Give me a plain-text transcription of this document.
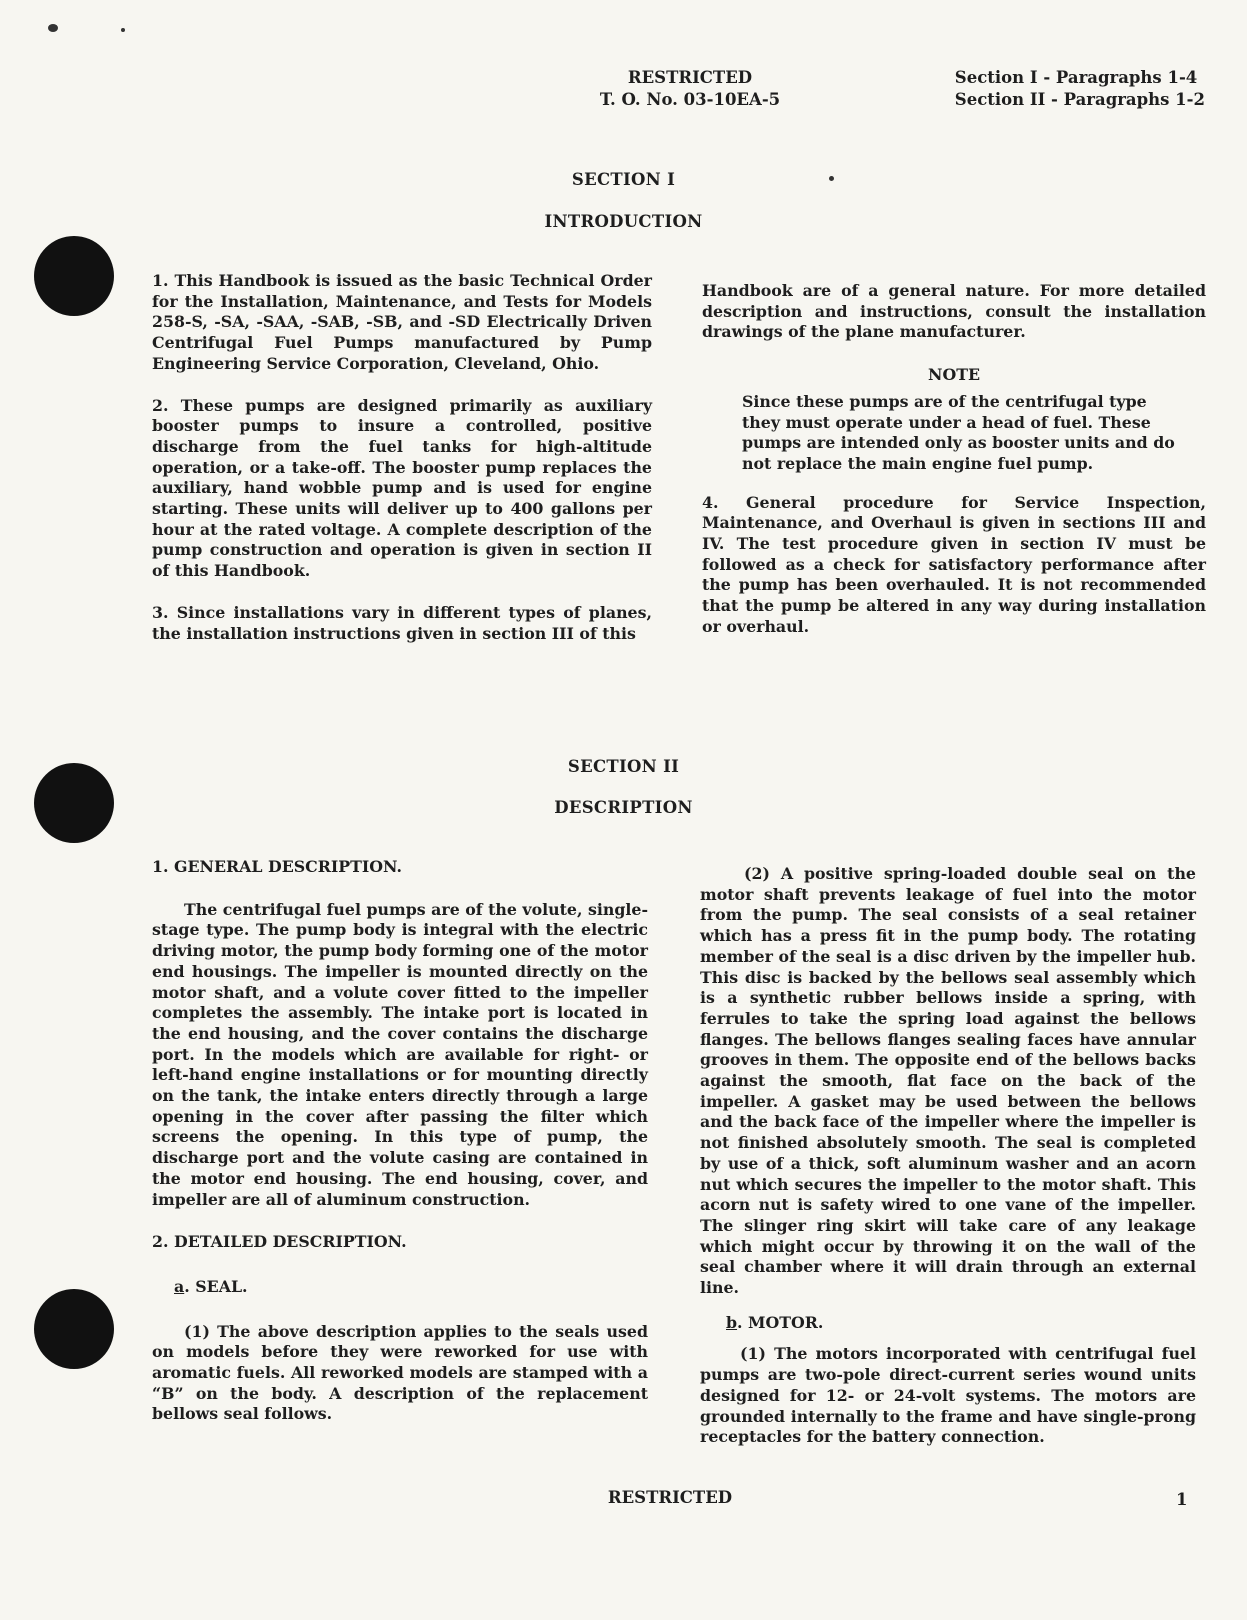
RESTRICTED
T. O. No. 03-10EA-5
Section I - Paragraphs 1-4
Section II - Paragraphs 1-2
SECTION I
INTRODUCTION

1. This Handbook is issued as the basic Technical Order for the Installation, Maintenance, and Tests for Models 258-S, -SA, -SAA, -SAB, -SB, and -SD Electrically Driven Centrifugal Fuel Pumps manufactured by Pump Engineering Service Corporation, Cleveland, Ohio.

2. These pumps are designed primarily as auxiliary booster pumps to insure a controlled, positive discharge from the fuel tanks for high-altitude operation, or a take-off. The booster pump replaces the auxiliary, hand wobble pump and is used for engine starting. These units will deliver up to 400 gallons per hour at the rated voltage. A complete description of the pump construction and operation is given in section II of this Handbook.

3. Since installations vary in different types of planes, the installation instructions given in section III of this

Handbook are of a general nature. For more detailed description and instructions, consult the installation drawings of the plane manufacturer.

NOTE

Since these pumps are of the centrifugal type they must operate under a head of fuel. These pumps are intended only as booster units and do not replace the main engine fuel pump.

4. General procedure for Service Inspection, Maintenance, and Overhaul is given in sections III and IV. The test procedure given in section IV must be followed as a check for satisfactory performance after the pump has been overhauled. It is not recommended that the pump be altered in any way during installation or overhaul.

SECTION II
DESCRIPTION

1. GENERAL DESCRIPTION.

The centrifugal fuel pumps are of the volute, single-stage type. The pump body is integral with the electric driving motor, the pump body forming one of the motor end housings. The impeller is mounted directly on the motor shaft, and a volute cover fitted to the impeller completes the assembly. The intake port is located in the end housing, and the cover contains the discharge port. In the models which are available for right- or left-hand engine installations or for mounting directly on the tank, the intake enters directly through a large opening in the cover after passing the filter which screens the opening. In this type of pump, the discharge port and the volute casing are contained in the motor end housing. The end housing, cover, and impeller are all of aluminum construction.

2. DETAILED DESCRIPTION.

a. SEAL.

(1) The above description applies to the seals used on models before they were reworked for use with aromatic fuels. All reworked models are stamped with a “B” on the body. A description of the replacement bellows seal follows.

(2) A positive spring-loaded double seal on the motor shaft prevents leakage of fuel into the motor from the pump. The seal consists of a seal retainer which has a press fit in the pump body. The rotating member of the seal is a disc driven by the impeller hub. This disc is backed by the bellows seal assembly which is a synthetic rubber bellows inside a spring, with ferrules to take the spring load against the bellows flanges. The bellows flanges sealing faces have annular grooves in them. The opposite end of the bellows backs against the smooth, flat face on the back of the impeller. A gasket may be used between the bellows and the back face of the impeller where the impeller is not finished absolutely smooth. The seal is completed by use of a thick, soft aluminum washer and an acorn nut which secures the impeller to the motor shaft. This acorn nut is safety wired to one vane of the impeller. The slinger ring skirt will take care of any leakage which might occur by throwing it on the wall of the seal chamber where it will drain through an external line.

b. MOTOR.

(1) The motors incorporated with centrifugal fuel pumps are two-pole direct-current series wound units designed for 12- or 24-volt systems. The motors are grounded internally to the frame and have single-prong receptacles for the battery connection.

RESTRICTED	1
